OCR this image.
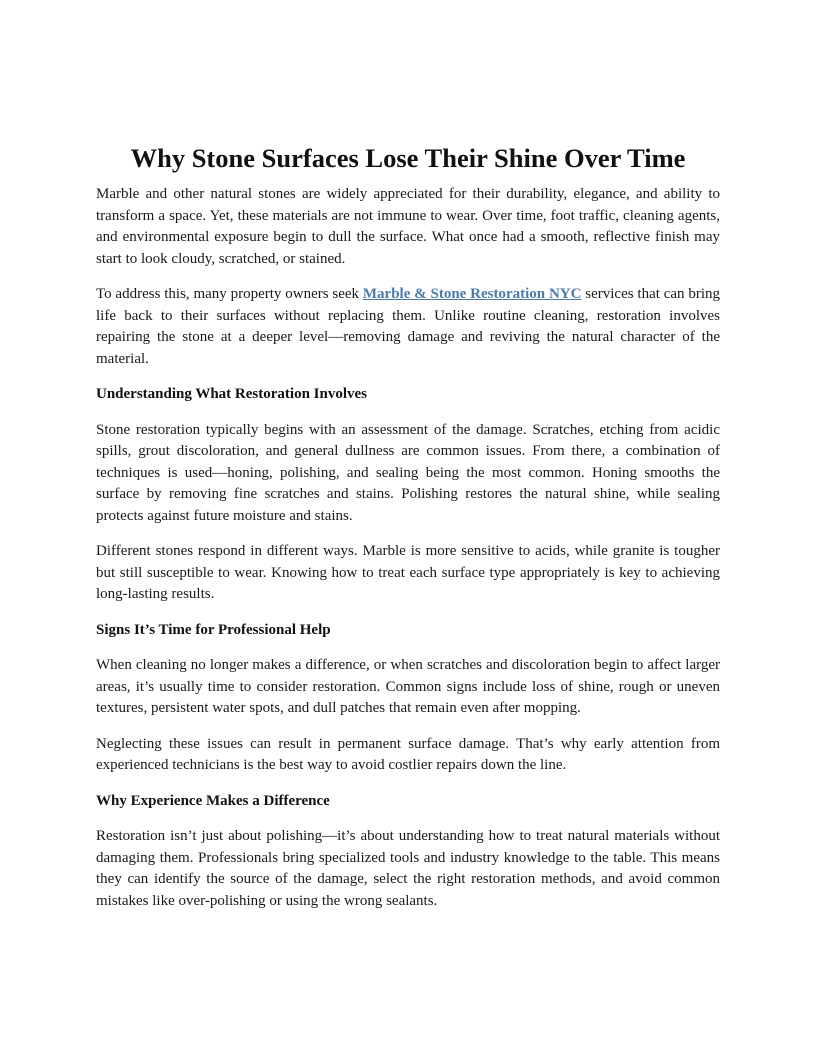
Why Stone Surfaces Lose Their Shine Over Time

Marble and other natural stones are widely appreciated for their durability, elegance, and ability to transform a space. Yet, these materials are not immune to wear. Over time, foot traffic, cleaning agents, and environmental exposure begin to dull the surface. What once had a smooth, reflective finish may start to look cloudy, scratched, or stained.

To address this, many property owners seek Marble & Stone Restoration NYC services that can bring life back to their surfaces without replacing them. Unlike routine cleaning, restoration involves repairing the stone at a deeper level—removing damage and reviving the natural character of the material.

Understanding What Restoration Involves

Stone restoration typically begins with an assessment of the damage. Scratches, etching from acidic spills, grout discoloration, and general dullness are common issues. From there, a combination of techniques is used—honing, polishing, and sealing being the most common. Honing smooths the surface by removing fine scratches and stains. Polishing restores the natural shine, while sealing protects against future moisture and stains.

Different stones respond in different ways. Marble is more sensitive to acids, while granite is tougher but still susceptible to wear. Knowing how to treat each surface type appropriately is key to achieving long-lasting results.

Signs It’s Time for Professional Help

When cleaning no longer makes a difference, or when scratches and discoloration begin to affect larger areas, it’s usually time to consider restoration. Common signs include loss of shine, rough or uneven textures, persistent water spots, and dull patches that remain even after mopping.

Neglecting these issues can result in permanent surface damage. That’s why early attention from experienced technicians is the best way to avoid costlier repairs down the line.

Why Experience Makes a Difference

Restoration isn’t just about polishing—it’s about understanding how to treat natural materials without damaging them. Professionals bring specialized tools and industry knowledge to the table. This means they can identify the source of the damage, select the right restoration methods, and avoid common mistakes like over-polishing or using the wrong sealants.
